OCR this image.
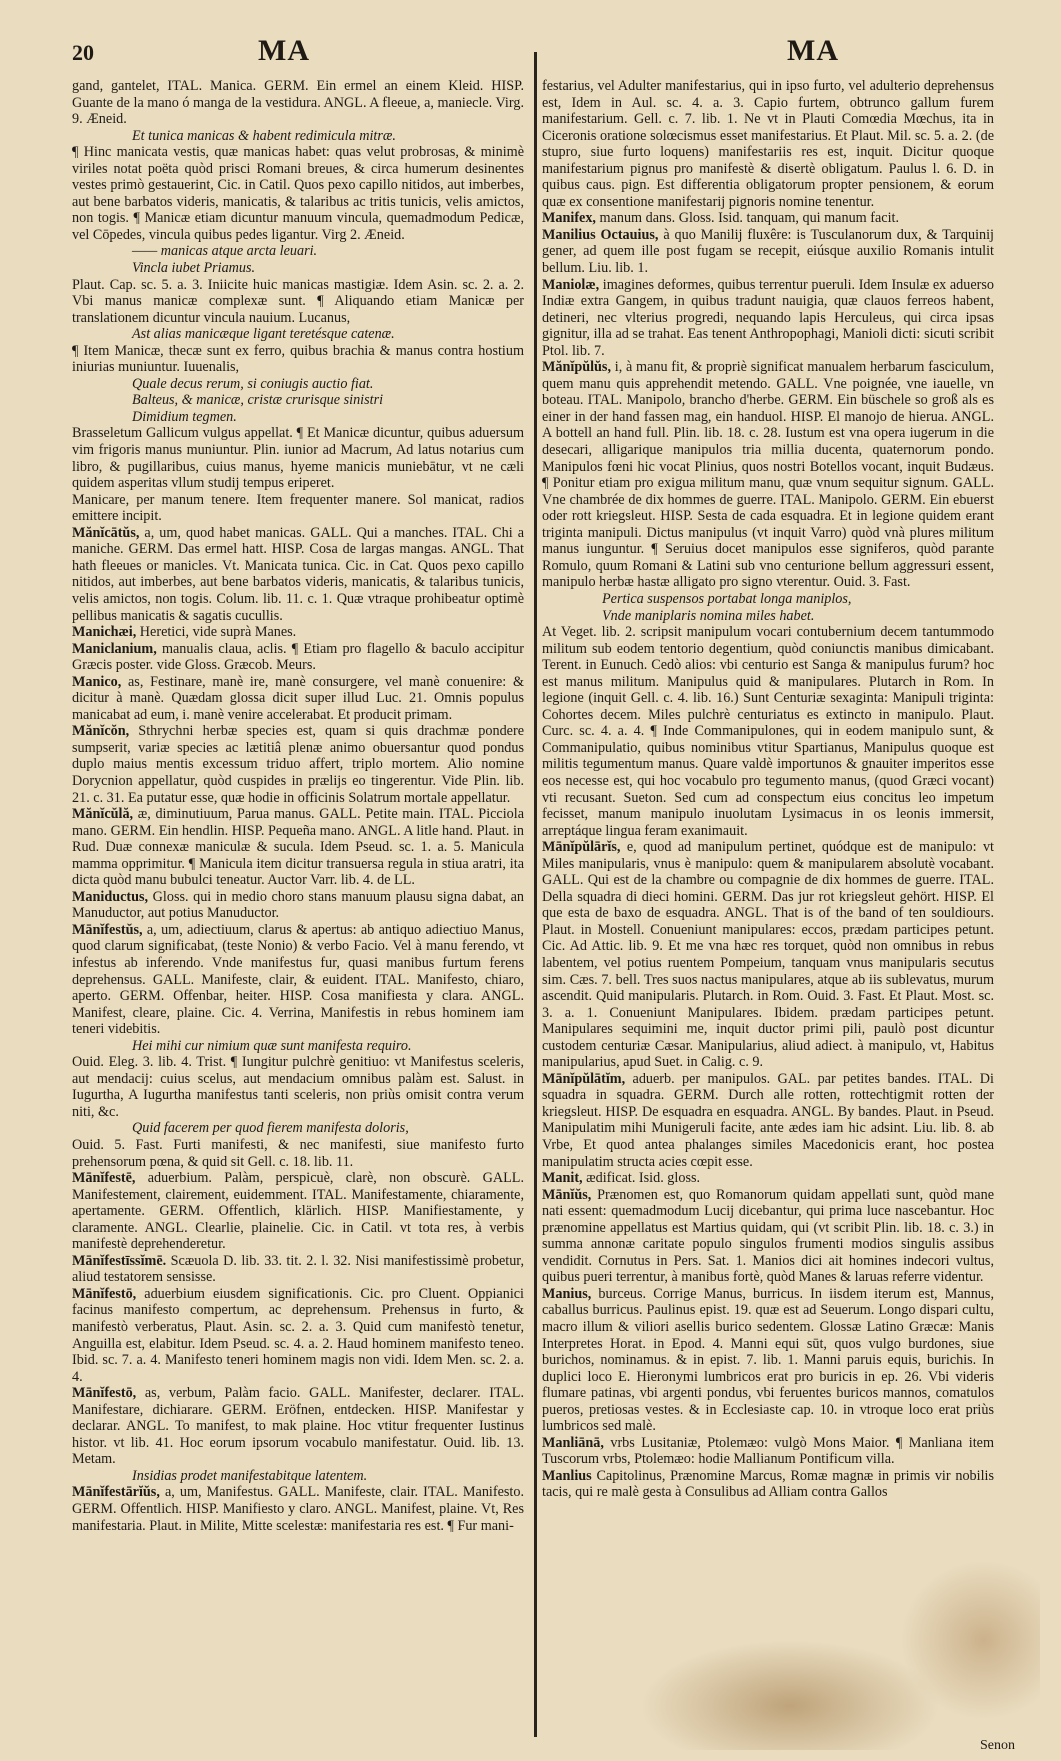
20	MA	MA

gand, gantelet, ITAL. Manica. GERM. Ein ermel an einem Kleid. HISP. Guante de la mano ó manga de la vestidura. ANGL. A fleeue, a, maniecle. Virg. 9. Æneid.

Et tunica manicas & habent redimicula mitræ.

¶ Hinc manicata vestis, quæ manicas habet: quas velut probrosas, & minimè viriles notat poëta quòd prisci Romani breues, & circa humerum desinentes vestes primò gestauerint, Cic. in Catil. Quos pexo capillo nitidos, aut imberbes, aut bene barbatos videris, manicatis, & talaribus ac tritis tunicis, velis amictos, non togis. ¶ Manicæ etiam dicuntur manuum vincula, quemadmodum Pedicæ, vel Cōpedes, vincula quibus pedes ligantur. Virg 2. Æneid.

—— manicas atque arcta leuari.

Vincla iubet Priamus.

Plaut. Cap. sc. 5. a. 3. Iniicite huic manicas mastigiæ. Idem Asin. sc. 2. a. 2. Vbi manus manicæ complexæ sunt. ¶ Aliquando etiam Manicæ per translationem dicuntur vincula nauium. Lucanus,

Ast alias manicæque ligant teretésque catenæ.

¶ Item Manicæ, thecæ sunt ex ferro, quibus brachia & manus contra hostium iniurias muniuntur. Iuuenalis,

Quale decus rerum, si coniugis auctio fiat.

Balteus, & manicæ, cristæ crurisque sinistri

Dimidium tegmen.

Brasseletum Gallicum vulgus appellat. ¶ Et Manicæ dicuntur, quibus aduersum vim frigoris manus muniuntur. Plin. iunior ad Macrum, Ad latus notarius cum libro, & pugillaribus, cuius manus, hyeme manicis muniebātur, vt ne cæli quidem asperitas vllum studij tempus eriperet.

Manicare, per manum tenere. Item frequenter manere. Sol manicat, radios emittere incipit.

Mănĭcātŭs, a, um, quod habet manicas. GALL. Qui a manches. ITAL. Chi a maniche. GERM. Das ermel hatt. HISP. Cosa de largas mangas. ANGL. That hath fleeues or manicles. Vt. Manicata tunica. Cic. in Cat. Quos pexo capillo nitidos, aut imberbes, aut bene barbatos videris, manicatis, & talaribus tunicis, velis amictos, non togis. Colum. lib. 11. c. 1. Quæ vtraque prohibeatur optimè pellibus manicatis & sagatis cucullis.

Manichæi, Heretici, vide suprà Manes.

Maniclanium, manualis claua, aclis. ¶ Etiam pro flagello & baculo accipitur Græcis poster. vide Gloss. Græcob. Meurs.

Manico, as, Festinare, manè ire, manè consurgere, vel manè conuenire: & dicitur à manè. Quædam glossa dicit super illud Luc. 21. Omnis populus manicabat ad eum, i. manè venire accelerabat. Et producit primam.

Mănĭcŏn, Sthrychni herbæ species est, quam si quis drachmæ pondere sumpserit, variæ species ac lætitiâ plenæ animo obuersantur quod pondus duplo maius mentis excessum triduo affert, triplo mortem. Alio nomine Dorycnion appellatur, quòd cuspides in prælijs eo tingerentur. Vide Plin. lib. 21. c. 31. Ea putatur esse, quæ hodie in officinis Solatrum mortale appellatur.

Mănĭcŭlă, æ, diminutiuum, Parua manus. GALL. Petite main. ITAL. Picciola mano. GERM. Ein hendlin. HISP. Pequeña mano. ANGL. A litle hand. Plaut. in Rud. Duæ connexæ maniculæ & sucula. Idem Pseud. sc. 1. a. 5. Manicula mamma opprimitur. ¶ Manicula item dicitur transuersa regula in stiua aratri, ita dicta quòd manu bubulci teneatur. Auctor Varr. lib. 4. de LL.

Maniductus, Gloss. qui in medio choro stans manuum plausu signa dabat, an Manuductor, aut potius Manuductor.

Mānĭfestŭs, a, um, adiectiuum, clarus & apertus: ab antiquo adiectiuo Manus, quod clarum significabat, (teste Nonio) & verbo Facio. Vel à manu ferendo, vt infestus ab inferendo. Vnde manifestus fur, quasi manibus furtum ferens deprehensus. GALL. Manifeste, clair, & euident. ITAL. Manifesto, chiaro, aperto. GERM. Offenbar, heiter. HISP. Cosa manifiesta y clara. ANGL. Manifest, cleare, plaine. Cic. 4. Verrina, Manifestis in rebus hominem iam teneri videbitis.

Hei mihi cur nimium quæ sunt manifesta requiro.

Ouid. Eleg. 3. lib. 4. Trist. ¶ Iungitur pulchrè genitiuo: vt Manifestus sceleris, aut mendacij: cuius scelus, aut mendacium omnibus palàm est. Salust. in Iugurtha, A Iugurtha manifestus tanti sceleris, non priùs omisit contra verum niti, &c.

Quid facerem per quod fierem manifesta doloris,

Ouid. 5. Fast. Furti manifesti, & nec manifesti, siue manifesto furto prehensorum pœna, & quid sit Gell. c. 18. lib. 11.

Mānĭfestē, aduerbium. Palàm, perspicuè, clarè, non obscurè. GALL. Manifestement, clairement, euidemment. ITAL. Manifestamente, chiaramente, apertamente. GERM. Offentlich, klärlich. HISP. Manifiestamente, y claramente. ANGL. Clearlie, plainelie. Cic. in Catil. vt tota res, à verbis manifestè deprehenderetur.

Mānĭfestīssĭmē. Scæuola D. lib. 33. tit. 2. l. 32. Nisi manifestissimè probetur, aliud testatorem sensisse.

Mānĭfestō, aduerbium eiusdem significationis. Cic. pro Cluent. Oppianici facinus manifesto compertum, ac deprehensum. Prehensus in furto, & manifestò verberatus, Plaut. Asin. sc. 2. a. 3. Quid cum manifestò tenetur, Anguilla est, elabitur. Idem Pseud. sc. 4. a. 2. Haud hominem manifesto teneo. Ibid. sc. 7. a. 4. Manifesto teneri hominem magis non vidi. Idem Men. sc. 2. a. 4.

Mānĭfestō, as, verbum, Palàm facio. GALL. Manifester, declarer. ITAL. Manifestare, dichiarare. GERM. Eröfnen, entdecken. HISP. Manifestar y declarar. ANGL. To manifest, to mak plaine. Hoc vtitur frequenter Iustinus histor. vt lib. 41. Hoc eorum ipsorum vocabulo manifestatur. Ouid. lib. 13. Metam.

Insidias prodet manifestabitque latentem.

Mānĭfestārĭŭs, a, um, Manifestus. GALL. Manifeste, clair. ITAL. Manifesto. GERM. Offentlich. HISP. Manifiesto y claro. ANGL. Manifest, plaine. Vt, Res manifestaria. Plaut. in Milite, Mitte scelestæ: manifestaria res est. ¶ Fur mani-

festarius, vel Adulter manifestarius, qui in ipso furto, vel adulterio deprehensus est, Idem in Aul. sc. 4. a. 3. Capio furtem, obtrunco gallum furem manifestarium. Gell. c. 7. lib. 1. Ne vt in Plauti Comœdia Mœchus, ita in Ciceronis oratione solœcismus esset manifestarius. Et Plaut. Mil. sc. 5. a. 2. (de stupro, siue furto loquens) manifestariis res est, inquit. Dicitur quoque manifestarium pignus pro manifestè & disertè obligatum. Paulus l. 6. D. in quibus caus. pign. Est differentia obligatorum propter pensionem, & eorum quæ ex consentione manifestarij pignoris nomine tenentur.

Manifex, manum dans. Gloss. Isid. tanquam, qui manum facit.

Manilius Octauius, à quo Manilij fluxêre: is Tusculanorum dux, & Tarquinij gener, ad quem ille post fugam se recepit, eiúsque auxilio Romanis intulit bellum. Liu. lib. 1.

Maniolæ, imagines deformes, quibus terrentur pueruli. Idem Insulæ ex aduerso Indiæ extra Gangem, in quibus tradunt nauigia, quæ clauos ferreos habent, detineri, nec vlterius progredi, nequando lapis Herculeus, qui circa ipsas gignitur, illa ad se trahat. Eas tenent Anthropophagi, Manioli dicti: sicuti scribit Ptol. lib. 7.

Mănĭpŭlŭs, i, à manu fit, & propriè significat manualem herbarum fasciculum, quem manu quis apprehendit metendo. GALL. Vne poignée, vne iauelle, vn boteau. ITAL. Manipolo, brancho d'herbe. GERM. Ein büschele so groß als es einer in der hand fassen mag, ein handuol. HISP. El manojo de hierua. ANGL. A bottell an hand full. Plin. lib. 18. c. 28. Iustum est vna opera iugerum in die desecari, alligarique manipulos tria millia ducenta, quaternorum pondo. Manipulos fœni hic vocat Plinius, quos nostri Botellos vocant, inquit Budæus. ¶ Ponitur etiam pro exigua militum manu, quæ vnum sequitur signum. GALL. Vne chambrée de dix hommes de guerre. ITAL. Manipolo. GERM. Ein ebuerst oder rott kriegsleut. HISP. Sesta de cada esquadra. Et in legione quidem erant triginta manipuli. Dictus manipulus (vt inquit Varro) quòd vnà plures militum manus iunguntur. ¶ Seruius docet manipulos esse signiferos, quòd parante Romulo, quum Romani & Latini sub vno centurione bellum aggressuri essent, manipulo herbæ hastæ alligato pro signo vterentur. Ouid. 3. Fast.

Pertica suspensos portabat longa maniplos,

Vnde maniplaris nomina miles habet.

At Veget. lib. 2. scripsit manipulum vocari contubernium decem tantummodo militum sub eodem tentorio degentium, quòd coniunctis manibus dimicabant. Terent. in Eunuch. Cedò alios: vbi centurio est Sanga & manipulus furum? hoc est manus militum. Manipulus quid & manipulares. Plutarch in Rom. In legione (inquit Gell. c. 4. lib. 16.) Sunt Centuriæ sexaginta: Manipuli triginta: Cohortes decem. Miles pulchrè centuriatus es extincto in manipulo. Plaut. Curc. sc. 4. a. 4. ¶ Inde Commanipulones, qui in eodem manipulo sunt, & Commanipulatio, quibus nominibus vtitur Spartianus, Manipulus quoque est militis tegumentum manus. Quare valdè importunos & gnauiter imperitos esse eos necesse est, qui hoc vocabulo pro tegumento manus, (quod Græci vocant) vti recusant. Sueton. Sed cum ad conspectum eius concitus leo impetum fecisset, manum manipulo inuolutam Lysimacus in os leonis immersit, arreptáque lingua feram exanimauit.

Mānĭpŭlārĭs, e, quod ad manipulum pertinet, quódque est de manipulo: vt Miles manipularis, vnus è manipulo: quem & manipularem absolutè vocabant. GALL. Qui est de la chambre ou compagnie de dix hommes de guerre. ITAL. Della squadra di dieci homini. GERM. Das jur rot kriegsleut gehört. HISP. El que esta de baxo de esquadra. ANGL. That is of the band of ten souldiours. Plaut. in Mostell. Conueniunt manipulares: eccos, prædam participes petunt. Cic. Ad Attic. lib. 9. Et me vna hæc res torquet, quòd non omnibus in rebus labentem, vel potius ruentem Pompeium, tanquam vnus manipularis secutus sim. Cæs. 7. bell. Tres suos nactus manipulares, atque ab iis sublevatus, murum ascendit. Quid manipularis. Plutarch. in Rom. Ouid. 3. Fast. Et Plaut. Most. sc. 3. a. 1. Conueniunt Manipulares. Ibidem. prædam participes petunt. Manipulares sequimini me, inquit ductor primi pili, paulò post dicuntur custodem centuriæ Cæsar. Manipularius, aliud adiect. à manipulo, vt, Habitus manipularius, apud Suet. in Calig. c. 9.

Mānĭpŭlātĭm, aduerb. per manipulos. GAL. par petites bandes. ITAL. Di squadra in squadra. GERM. Durch alle rotten, rottechtigmit rotten der kriegsleut. HISP. De esquadra en esquadra. ANGL. By bandes. Plaut. in Pseud. Manipulatim mihi Munigeruli facite, ante ædes iam hic adsint. Liu. lib. 8. ab Vrbe, Et quod antea phalanges similes Macedonicis erant, hoc postea manipulatim structa acies cœpit esse.

Manit, ædificat. Isid. gloss.

Mānĭŭs, Prænomen est, quo Romanorum quidam appellati sunt, quòd mane nati essent: quemadmodum Lucij dicebantur, qui prima luce nascebantur. Hoc prænomine appellatus est Martius quidam, qui (vt scribit Plin. lib. 18. c. 3.) in summa annonæ caritate populo singulos frumenti modios singulis assibus vendidit. Cornutus in Pers. Sat. 1. Manios dici ait homines indecori vultus, quibus pueri terrentur, à manibus fortè, quòd Manes & laruas referre videntur.

Manius, burceus. Corrige Manus, burricus. In iisdem iterum est, Mannus, caballus burricus. Paulinus epist. 19. quæ est ad Seuerum. Longo dispari cultu, macro illum & viliori asellis burico sedentem. Glossæ Latino Græcæ: Manis Interpretes Horat. in Epod. 4. Manni equi sūt, quos vulgo burdones, siue burichos, nominamus. & in epist. 7. lib. 1. Manni paruis equis, burichis. In duplici loco E. Hieronymi lumbricos erat pro buricis in ep. 26. Vbi videris flumare patinas, vbi argenti pondus, vbi feruentes buricos mannos, comatulos pueros, pretiosas vestes. & in Ecclesiaste cap. 10. in vtroque loco erat priùs lumbricos sed malè.

Manliānā, vrbs Lusitaniæ, Ptolemæo: vulgò Mons Maior. ¶ Manliana item Tuscorum vrbs, Ptolemæo: hodie Mallianum Pontificum villa.

Manlius Capitolinus, Prænomine Marcus, Romæ magnæ in primis vir nobilis tacis, qui re malè gesta à Consulibus ad Alliam contra Gallos

Senon
